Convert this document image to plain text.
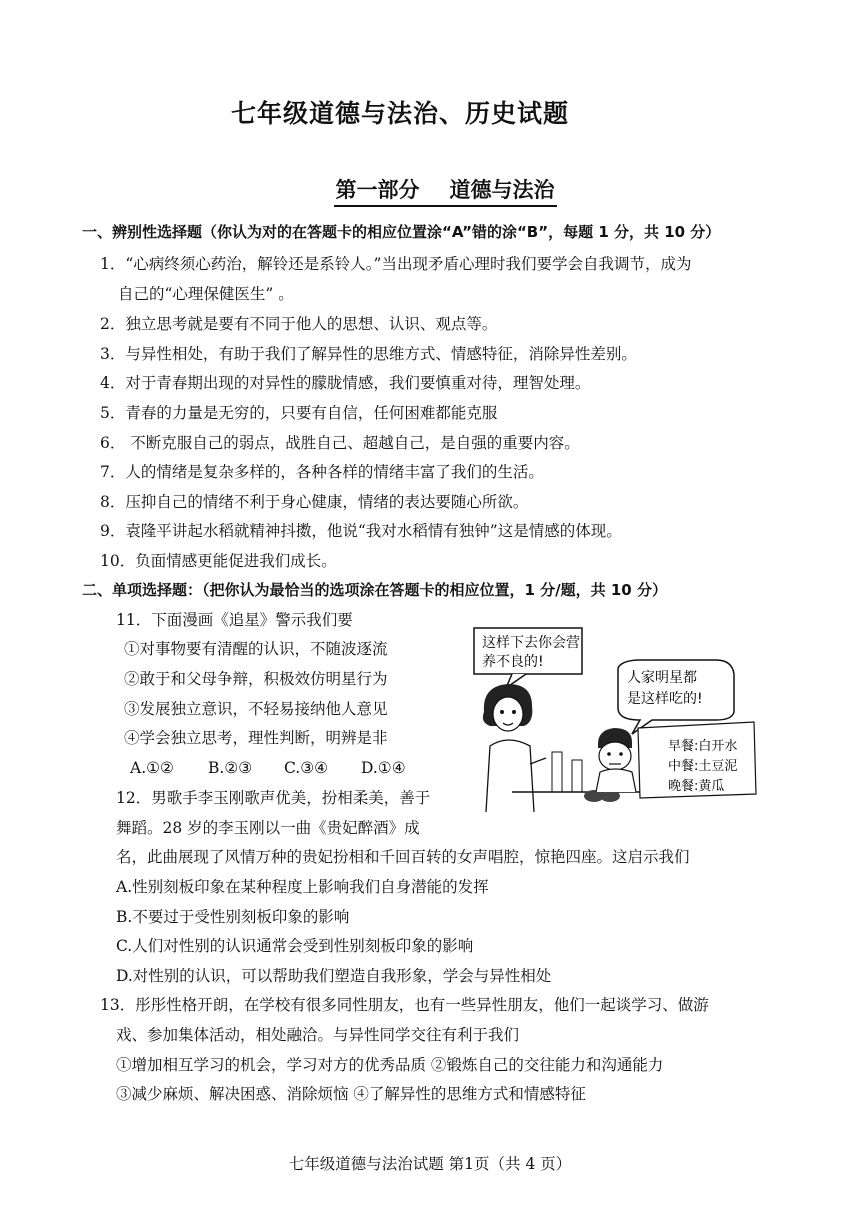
七年级道德与法治、历史试题
第一部分 道德与法治
一、辨别性选择题（你认为对的在答题卡的相应位置涂“A”错的涂“B”，每题 1 分，共 10 分）
1．“心病终须心药治，解铃还是系铃人。”当出现矛盾心理时我们要学会自我调节，成为
自己的“心理保健医生” 。
2．独立思考就是要有不同于他人的思想、认识、观点等。
3．与异性相处，有助于我们了解异性的思维方式、情感特征，消除异性差别。
4．对于青春期出现的对异性的朦胧情感，我们要慎重对待，理智处理。
5．青春的力量是无穷的，只要有自信，任何困难都能克服
6． 不断克服自己的弱点，战胜自己、超越自己，是自强的重要内容。
7．人的情绪是复杂多样的，各种各样的情绪丰富了我们的生活。
8．压抑自己的情绪不利于身心健康，情绪的表达要随心所欲。
9．袁隆平讲起水稻就精神抖擞，他说“我对水稻情有独钟”这是情感的体现。
10．负面情感更能促进我们成长。
二、单项选择题：（把你认为最恰当的选项涂在答题卡的相应位置，1 分/题，共 10 分）
11．下面漫画《追星》警示我们要
①对事物要有清醒的认识，不随波逐流
②敢于和父母争辩，积极效仿明星行为
③发展独立意识，不轻易接纳他人意见
④学会独立思考，理性判断，明辨是非
A.①② B.②③ C.③④ D.①④
这样下去你会营
养不良的!
人家明星都
是这样吃的!
早餐:白开水
中餐:土豆泥
晚餐:黄瓜
12．男歌手李玉刚歌声优美，扮相柔美，善于
舞蹈。28 岁的李玉刚以一曲《贵妃醉酒》成
名，此曲展现了风情万种的贵妃扮相和千回百转的女声唱腔，惊艳四座。这启示我们
A.性别刻板印象在某种程度上影响我们自身潜能的发挥
B.不要过于受性别刻板印象的影响
C.人们对性别的认识通常会受到性别刻板印象的影响
D.对性别的认识，可以帮助我们塑造自我形象，学会与异性相处
13．彤彤性格开朗，在学校有很多同性朋友，也有一些异性朋友，他们一起谈学习、做游
戏、参加集体活动，相处融洽。与异性同学交往有利于我们
①增加相互学习的机会，学习对方的优秀品质 ②锻炼自己的交往能力和沟通能力
③减少麻烦、解决困惑、消除烦恼 ④了解异性的思维方式和情感特征
七年级道德与法治试题 第1页（共 4 页）
